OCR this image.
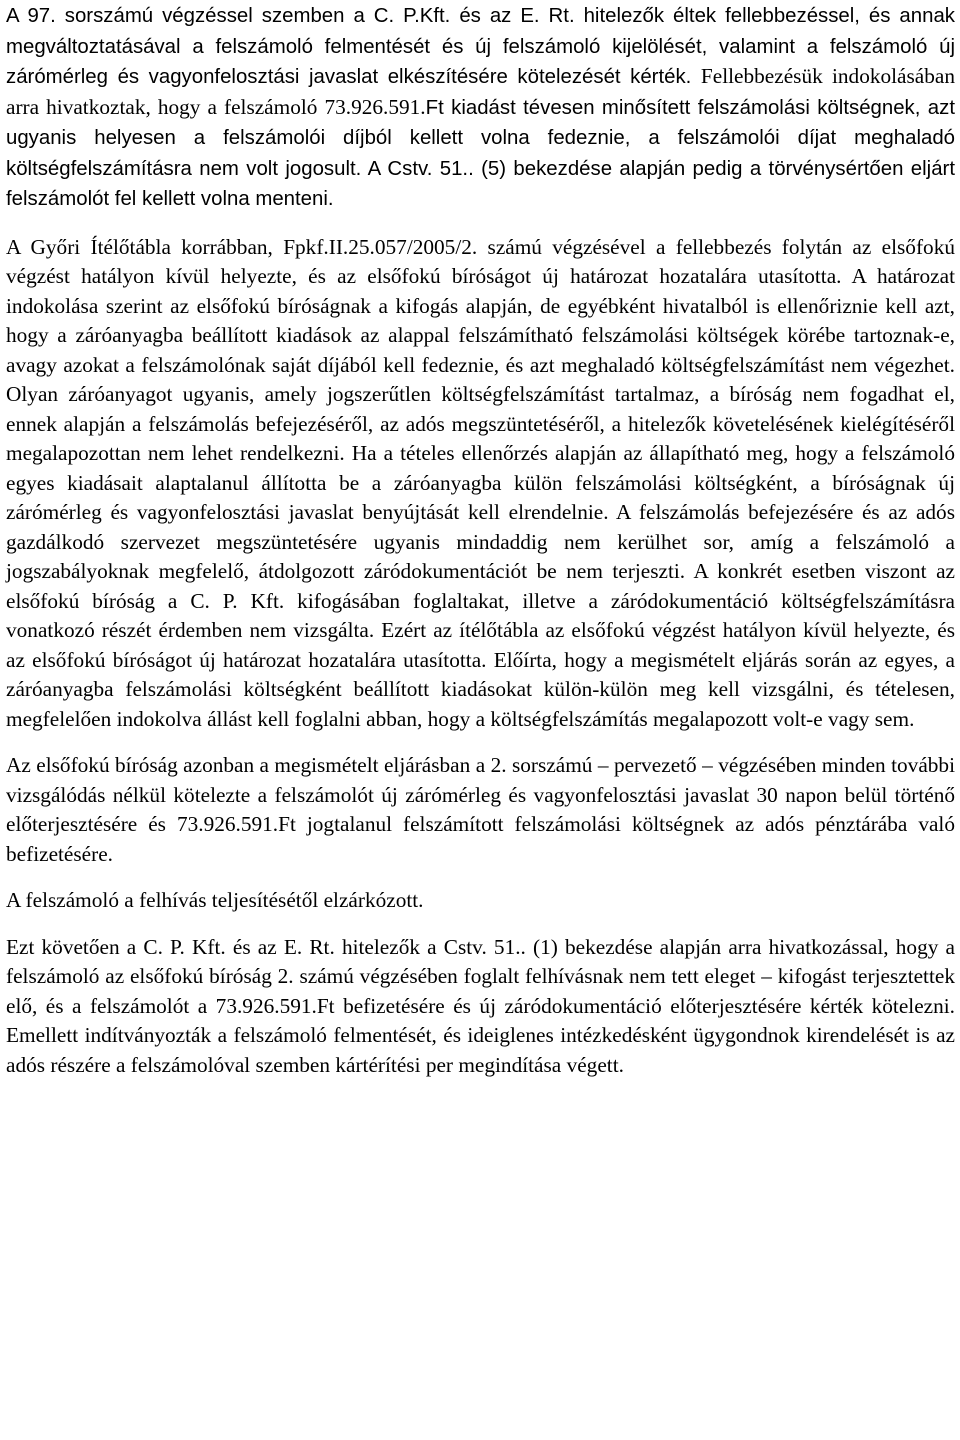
A 97. sorszámú végzéssel szemben a C. P.Kft. és az E. Rt. hitelezők éltek fellebbezéssel, és annak megváltoztatásával a felszámoló felmentését és új felszámoló kijelölését, valamint a felszámoló új zárómérleg és vagyonfelosztási javaslat elkészítésére kötelezését kérték. Fellebbezésük indokolásában arra hivatkoztak, hogy a felszámoló 73.926.591.Ft kiadást tévesen minősített felszámolási költségnek, azt ugyanis helyesen a felszámolói díjból kellett volna fedeznie, a felszámolói díjat meghaladó költségfelszámításra nem volt jogosult. A Cstv. 51.. (5) bekezdése alapján pedig a törvénysértően eljárt felszámolót fel kellett volna menteni.

A Győri Ítélőtábla korrábban, Fpkf.II.25.057/2005/2. számú végzésével a fellebbezés folytán az elsőfokú végzést hatályon kívül helyezte, és az elsőfokú bíróságot új határozat hozatalára utasította. A határozat indokolása szerint az elsőfokú bíróságnak a kifogás alapján, de egyébként hivatalból is ellenőriznie kell azt, hogy a záróanyagba beállított kiadások az alappal felszámítható felszámolási költségek körébe tartoznak-e, avagy azokat a felszámolónak saját díjából kell fedeznie, és azt meghaladó költségfelszámítást nem végezhet. Olyan záróanyagot ugyanis, amely jogszerűtlen költségfelszámítást tartalmaz, a bíróság nem fogadhat el, ennek alapján a felszámolás befejezéséről, az adós megszüntetéséről, a hitelezők követelésének kielégítéséről megalapozottan nem lehet rendelkezni. Ha a tételes ellenőrzés alapján az állapítható meg, hogy a felszámoló egyes kiadásait alaptalanul állította be a záróanyagba külön felszámolási költségként, a bíróságnak új zárómérleg és vagyonfelosztási javaslat benyújtását kell elrendelnie. A felszámolás befejezésére és az adós gazdálkodó szervezet megszüntetésére ugyanis mindaddig nem kerülhet sor, amíg a felszámoló a jogszabályoknak megfelelő, átdolgozott záródokumentációt be nem terjeszti. A konkrét esetben viszont az elsőfokú bíróság a C. P. Kft. kifogásában foglaltakat, illetve a záródokumentáció költségfelszámításra vonatkozó részét érdemben nem vizsgálta. Ezért az ítélőtábla az elsőfokú végzést hatályon kívül helyezte, és az elsőfokú bíróságot új határozat hozatalára utasította. Előírta, hogy a megismételt eljárás során az egyes, a záróanyagba felszámolási költségként beállított kiadásokat külön-külön meg kell vizsgálni, és tételesen, megfelelően indokolva állást kell foglalni abban, hogy a költségfelszámítás megalapozott volt-e vagy sem.

Az elsőfokú bíróság azonban a megismételt eljárásban a 2. sorszámú – pervezető – végzésében minden további vizsgálódás nélkül kötelezte a felszámolót új zárómérleg és vagyonfelosztási javaslat 30 napon belül történő előterjesztésére és 73.926.591.Ft jogtalanul felszámított felszámolási költségnek az adós pénztárába való befizetésére.

A felszámoló a felhívás teljesítésétől elzárkózott.

Ezt követően a C. P. Kft. és az E. Rt. hitelezők a Cstv. 51.. (1) bekezdése alapján arra hivatkozással, hogy a felszámoló az elsőfokú bíróság 2. számú végzésében foglalt felhívásnak nem tett eleget – kifogást terjesztettek elő, és a felszámolót a 73.926.591.Ft befizetésére és új záródokumentáció előterjesztésére kérték kötelezni. Emellett indítványozták a felszámoló felmentését, és ideiglenes intézkedésként ügygondnok kirendelését is az adós részére a felszámolóval szemben kártérítési per megindítása végett.
